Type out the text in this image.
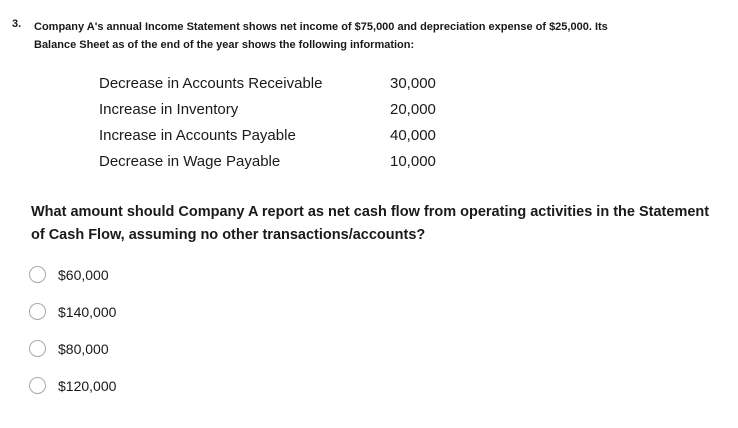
3. Company A's annual Income Statement shows net income of $75,000 and depreciation expense of $25,000. Its Balance Sheet as of the end of the year shows the following information:
Decrease in Accounts Receivable	30,000
Increase in Inventory	20,000
Increase in Accounts Payable	40,000
Decrease in Wage Payable	10,000
What amount should Company A report as net cash flow from operating activities in the Statement of Cash Flow, assuming no other transactions/accounts?
$60,000
$140,000
$80,000
$120,000
